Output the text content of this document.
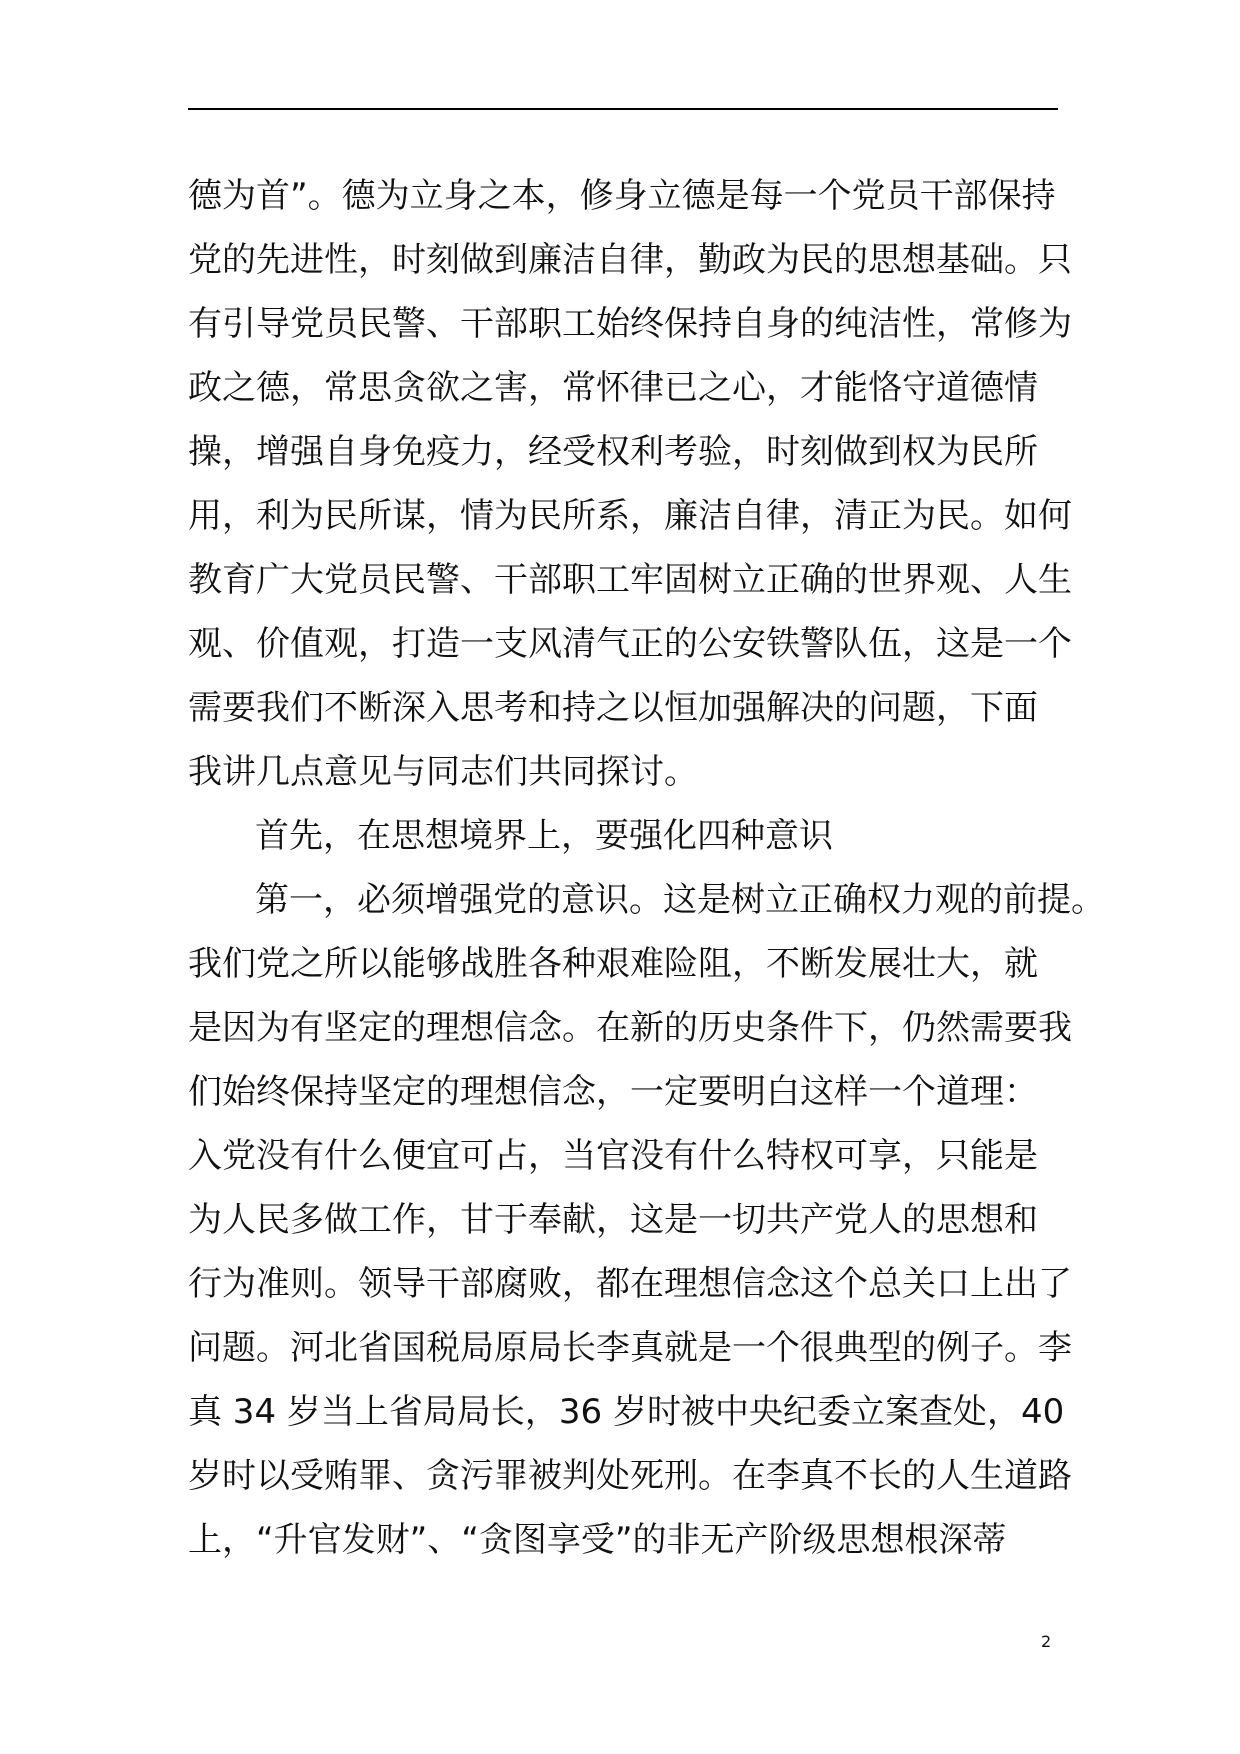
德为首”。德为立身之本，修身立德是每一个党员干部保持
党的先进性，时刻做到廉洁自律，勤政为民的思想基础。只
有引导党员民警、干部职工始终保持自身的纯洁性，常修为
政之德，常思贪欲之害，常怀律已之心，才能恪守道德情
操，增强自身免疫力，经受权利考验，时刻做到权为民所
用，利为民所谋，情为民所系，廉洁自律，清正为民。如何
教育广大党员民警、干部职工牢固树立正确的世界观、人生
观、价值观，打造一支风清气正的公安铁警队伍，这是一个
需要我们不断深入思考和持之以恒加强解决的问题，下面
我讲几点意见与同志们共同探讨。
首先，在思想境界上，要强化四种意识
第一，必须增强党的意识。这是树立正确权力观的前提。
我们党之所以能够战胜各种艰难险阻，不断发展壮大，就
是因为有坚定的理想信念。在新的历史条件下，仍然需要我
们始终保持坚定的理想信念，一定要明白这样一个道理：
入党没有什么便宜可占，当官没有什么特权可享，只能是
为人民多做工作，甘于奉献，这是一切共产党人的思想和
行为准则。领导干部腐败，都在理想信念这个总关口上出了
问题。河北省国税局原局长李真就是一个很典型的例子。李
真 34 岁当上省局局长，36 岁时被中央纪委立案查处，40
岁时以受贿罪、贪污罪被判处死刑。在李真不长的人生道路
上，“升官发财”、“贪图享受”的非无产阶级思想根深蒂
2
